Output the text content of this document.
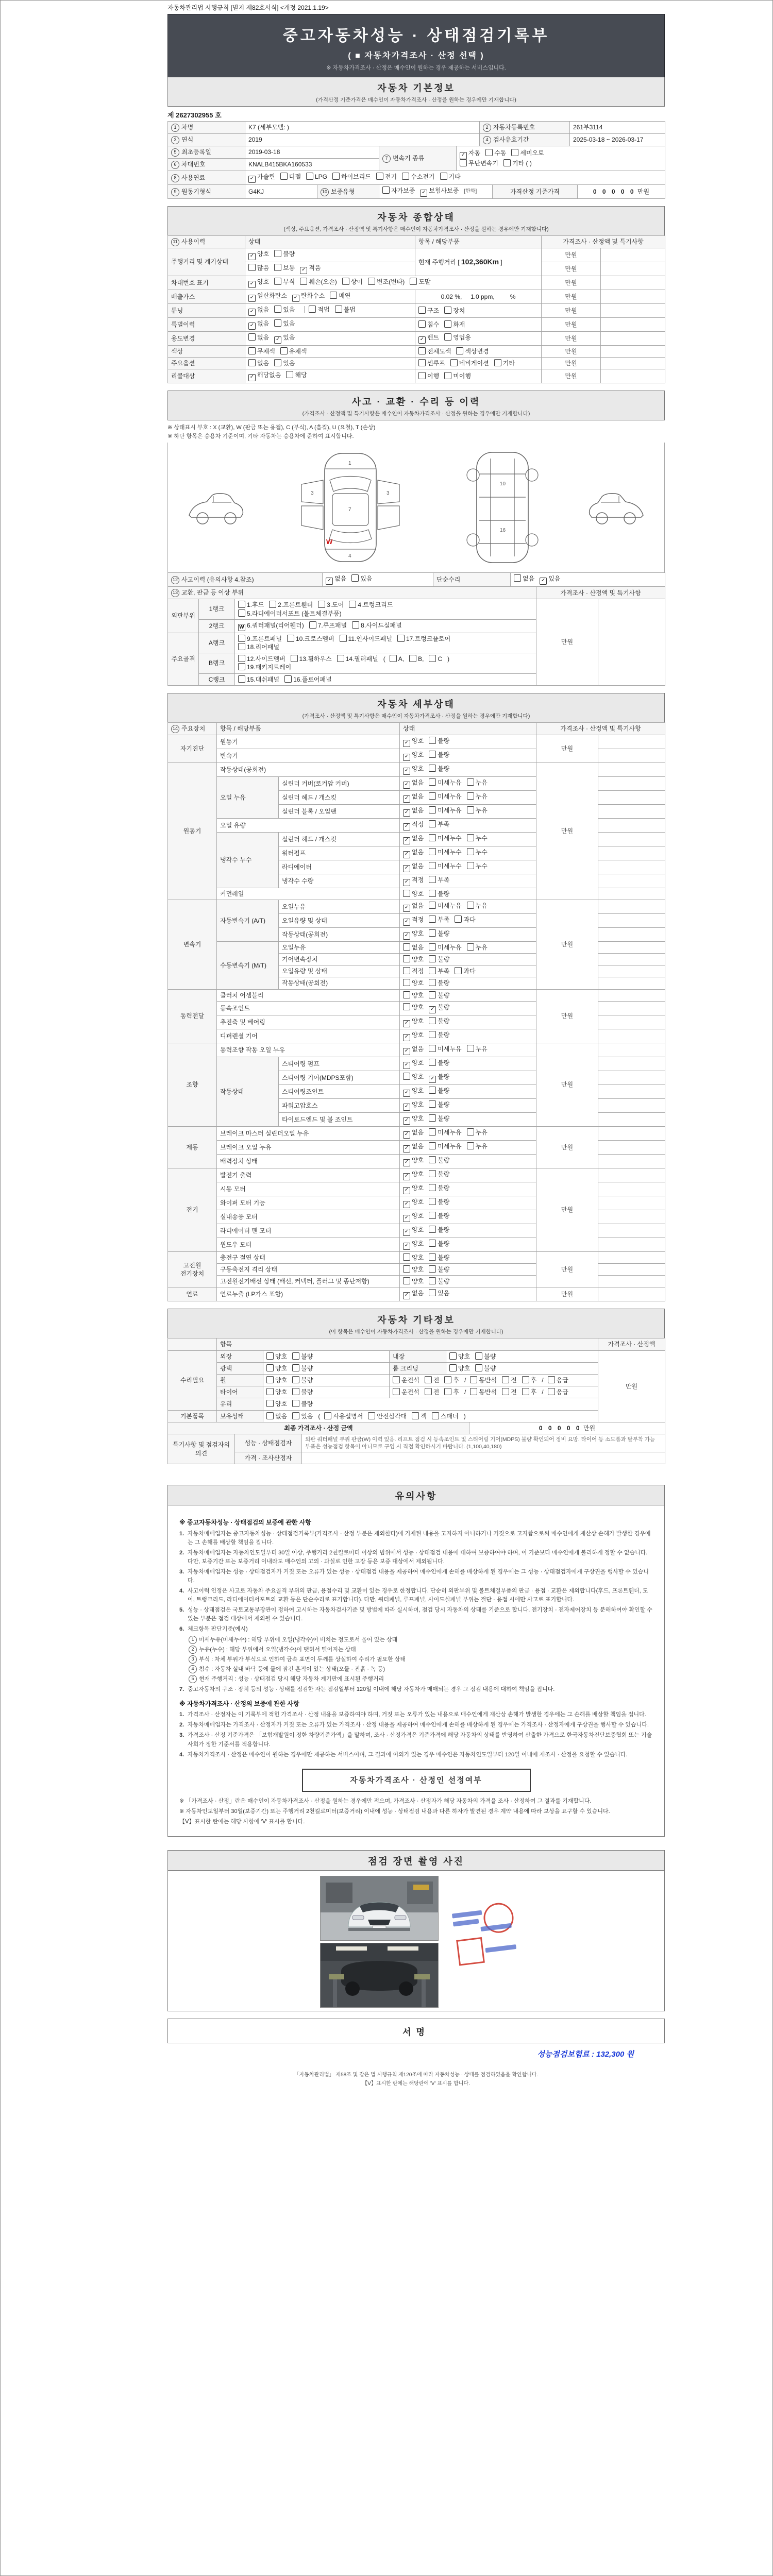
자동차관리법 시행규칙 [별지 제82호서식] <개정 2021.1.19>
중고자동차성능 · 상태점검기록부
( ■ 자동차가격조사 · 산정 선택 )
※ 자동차가격조사 · 산정은 매수인이 원하는 경우 제공하는 서비스입니다.
자동차 기본정보
(가격산정 기준가격은 매수인이 자동차가격조사 · 산정을 원하는 경우에만 기재합니다)
제 2627302955 호
1 차명	K7 (세부모델: )	2 자동차등록번호	261부3114
3 연식	2019	4 검사유효기간	2025-03-18 ~ 2026-03-17
5 최초등록일	2019-03-18	7 변속기 종류	✓자동 수동 세미오토
무단변속기 기타 ( )
6 차대번호	KNALB415BKA160533		
8 사용연료	✓가솔린 디젤 LPG 하이브리드 전기 수소전기 기타
9 원동기형식	G4KJ	10 보증유형	자가보증 ✓ 보험사보증 [한화]	가격산정 기준가격	0 0 0 0 0 만원
자동차 종합상태
(색상, 주요옵션, 가격조사 · 산정액 및 특기사항은 매수인이 자동차가격조사 · 산정을 원하는 경우에만 기재합니다)
11 사용이력	상태	항목 / 해당부품	가격조사 · 산정액 및 특기사항	
주행거리 및 계기상태	✓양호 불량	현재 주행거리 [ 102,360Km ]	만원	
	많음 보통 ✓ 적음		만원	
차대번호 표기	✓양호 부식 훼손(오손) 상이 변조(변타) 도말		만원	
배출가스	✓일산화탄소 ✓ 탄화수소 매연	0.02 %,     1.0 ppm,         %	만원	
튜닝	✓없음 있음 적법 불법	구조 장치	만원	
특별이력	✓없음 있음	침수 화재	만원	
용도변경	없음 ✓ 있음	✓렌트 영업용	만원	
색상	무채색 유채색	전체도색 색상변경	만원	
주요옵션	없음 있음	썬루프 네비게이션 기타	만원	
리콜대상	✓해당없음 해당	이행 미이행	만원	
사고 · 교환 · 수리 등 이력
(가격조사 · 산정액 및 특기사항은 매수인이 자동차가격조사 · 산정을 원하는 경우에만 기재합니다)
※ 상태표시 부호 : X (교환), W (판금 또는 용접), C (부식), A (흠집), U (요철), T (손상)
※ 하단 항목은 승용차 기준이며, 기타 자동차는 승용차에 준하여 표시합니다.
1
7
4
3	3
W
10
16
12 사고이력 (유의사항 4.참조)	✓없음 있음	단순수리	없음 ✓ 있음
13 교환, 판금 등 이상 부위	가격조사 · 산정액 및 특기사항
외판부위	1랭크	1.후드 2.프론트휀더 3.도어 4.트렁크리드
5.라디에이터서포트 (볼트체결부품)	만원	
	2랭크	W 6.쿼터패널(리어휀더) 7.루프패널 8.사이드실패널		
주요골격	A랭크	9.프론트패널 10.크로스멤버 11.인사이드패널 17.트렁크플로어
18.리어패널		
	B랭크	12.사이드멤버 13.휠하우스 14.필러패널 ( A, B, C )
19.패키지트레이		
	C랭크	15.대쉬패널 16.플로어패널		
자동차 세부상태
(가격조사 · 산정액 및 특기사항은 매수인이 자동차가격조사 · 산정을 원하는 경우에만 기재합니다)
14 주요장치	항목 / 해당부품		상태	가격조사 · 산정액 및 특기사항	
자기진단	원동기	✓양호 불량	만원	
	변속기	✓양호 불량	
원동기	작동상태(공회전)	✓양호 불량	만원	
	오일 누유	실린더 커버(로커암 커버)	✓없음 미세누유 누유	
		실린더 헤드 / 개스킷	✓없음 미세누유 누유	
		실린더 블록 / 오일팬	✓없음 미세누유 누유	
	오일 유량	✓적정 부족	
	냉각수 누수	실린더 헤드 / 개스킷	✓없음 미세누수 누수	
		워터펌프	✓없음 미세누수 누수	
		라디에이터	✓없음 미세누수 누수	
		냉각수 수량	✓적정 부족	
	커먼레일		양호 불량		
변속기	자동변속기 (A/T)	오일누유	✓없음 미세누유 누유	만원	
		오일유량 및 상태	✓적정 부족 과다	
		작동상태(공회전)	✓양호 불량	
	수동변속기 (M/T)	오일누유	없음 미세누유 누유		
		기어변속장치	양호 불량		
		오일유량 및 상태	적정 부족 과다		
		작동상태(공회전)	양호 불량		
동력전달	클러치 어셈블리		양호 불량	만원	
	등속조인트		양호 ✓ 불량	
	추진축 및 베어링	✓양호 불량	
	디퍼렌셜 기어	✓양호 불량	
조향	동력조향 작동 오일 누유	✓없음 미세누유 누유	만원	
	작동상태	스티어링 펌프	✓양호 불량	
		스티어링 기어(MDPS포함)	양호 ✓ 불량	
		스티어링조인트	✓양호 불량	
		파워고압호스	✓양호 불량	
		타이로드엔드 및 볼 조인트	✓양호 불량	
제동	브레이크 마스터 실린더오일 누유	✓없음 미세누유 누유	만원	
	브레이크 오일 누유	✓없음 미세누유 누유	
	배력장치 상태	✓양호 불량	
전기	발전기 출력	✓양호 불량	만원	
	시동 모터	✓양호 불량	
	와이퍼 모터 기능	✓양호 불량	
	실내송풍 모터	✓양호 불량	
	라디에이터 팬 모터	✓양호 불량	
	윈도우 모터	✓양호 불량	
고전원 전기장치	충전구 절연 상태		양호 불량	만원	
	구동축전지 격리 상태		양호 불량		
	고전원전기배선 상태 (배선, 커넥터, 플러그 및 종단저항)		양호 불량		
연료	연료누출 (LP가스 포함)	✓없음 있음	만원	
자동차 기타정보
(이 항목은 매수인이 자동차가격조사 · 산정을 원하는 경우에만 기재합니다)
	항목				가격조사 · 산정액
수리필요	외장	양호 불량	내장	양호 불량	만원
	광택	양호 불량	룸 크리닝	양호 불량	
	휠	양호 불량	운전석 전 후 / 동반석 전 후 / 응급		
	타이어	양호 불량	운전석 전 후 / 동반석 전 후 / 응급		
	유리	양호 불량			
기본품목	보유상태	없음 있음 ( 사용설명서 안전삼각대 잭 스패너 )			
최종 가격조사 · 산정 금액	0 0 0 0 0 만원
특기사항 및 점검자의 의견	성능 · 상태점검자	외판 쿼터패널 부위 판금(W) 이력 있음. 리프트 점검 시 등속조인트 및 스티어링 기어(MDPS) 불량 확인되어 정비 요망. 타이어 등 소모품과 탈부착 가능 부품은 성능점검 항목이 아니므로 구입 시 직접 확인하시기 바랍니다. (1,100,40,180)
	가격 · 조사산정자	
유의사항
※ 중고자동차성능 · 상태점검의 보증에 관한 사항
1. 자동차매매업자는 중고자동차성능 · 상태점검기록부(가격조사 · 산정 부분은 제외한다)에 기재된 내용을 고지하지 아니하거나 거짓으로 고지함으로써 매수인에게 재산상 손해가 발생한 경우에는 그 손해를 배상할 책임을 집니다.
2. 자동차매매업자는 자동차인도일부터 30일 이상, 주행거리 2천킬로미터 이상의 범위에서 성능 · 상태점검 내용에 대하여 보증하여야 하며, 이 기준보다 매수인에게 불리하게 정할 수 없습니다. 다만, 보증기간 또는 보증거리 이내라도 매수인의 고의 · 과실로 인한 고장 등은 보증 대상에서 제외됩니다.
3. 자동차매매업자는 성능 · 상태점검자가 거짓 또는 오류가 있는 성능 · 상태점검 내용을 제공하여 매수인에게 손해를 배상하게 된 경우에는 그 성능 · 상태점검자에게 구상권을 행사할 수 있습니다.
4. 사고이력 인정은 사고로 자동차 주요골격 부위의 판금, 용접수리 및 교환이 있는 경우로 한정합니다. 단순히 외판부위 및 볼트체결부품의 판금 · 용접 · 교환은 제외합니다(후드, 프론트휀더, 도어, 트렁크리드, 라디에이터서포트의 교환 등은 단순수리로 표기합니다). 다만, 쿼터패널, 루프패널, 사이드실패널 부위는 절단 · 용접 시에만 사고로 표기합니다.
5. 성능 · 상태점검은 국토교통부장관이 정하여 고시하는 자동차검사기준 및 방법에 따라 실시하며, 점검 당시 자동차의 상태를 기준으로 합니다. 전기장치 · 전자제어장치 등 분해하여야 확인할 수 있는 부분은 점검 대상에서 제외될 수 있습니다.
6. 체크항목 판단기준(예시)
1 미세누유(미세누수) : 해당 부위에 오일(냉각수)이 비치는 정도로서 울어 있는 상태
2 누유(누수) : 해당 부위에서 오일(냉각수)이 맺혀서 떨어지는 상태
3 부식 : 차체 부위가 부식으로 인하여 금속 표면이 두께를 상실하여 수리가 필요한 상태
4 침수 : 자동차 실내 바닥 등에 물에 잠긴 흔적이 있는 상태(오물 · 진흙 · 녹 등)
5 현재 주행거리 : 성능 · 상태점검 당시 해당 자동차 계기판에 표시된 주행거리
7. 중고자동차의 구조 · 장치 등의 성능 · 상태를 점검한 자는 점검일부터 120일 이내에 해당 자동차가 매매되는 경우 그 점검 내용에 대하여 책임을 집니다.
※ 자동차가격조사 · 산정의 보증에 관한 사항
1. 가격조사 · 산정자는 이 기록부에 적힌 가격조사 · 산정 내용을 보증하여야 하며, 거짓 또는 오류가 있는 내용으로 매수인에게 재산상 손해가 발생한 경우에는 그 손해를 배상할 책임을 집니다.
2. 자동차매매업자는 가격조사 · 산정자가 거짓 또는 오류가 있는 가격조사 · 산정 내용을 제공하여 매수인에게 손해를 배상하게 된 경우에는 가격조사 · 산정자에게 구상권을 행사할 수 있습니다.
3. 가격조사 · 산정 기준가격은 「보험개발원이 정한 차량기준가액」을 말하며, 조사 · 산정가격은 기준가격에 해당 자동차의 상태를 반영하여 산출한 가격으로 한국자동차진단보증협회 또는 기술사회가 정한 기준서를 적용합니다.
4. 자동차가격조사 · 산정은 매수인이 원하는 경우에만 제공하는 서비스이며, 그 결과에 이의가 있는 경우 매수인은 자동차인도일부터 120일 이내에 재조사 · 산정을 요청할 수 있습니다.
자동차가격조사 · 산정인 선정여부
※ 「가격조사 · 산정」란은 매수인이 자동차가격조사 · 산정을 원하는 경우에만 적으며, 가격조사 · 산정자가 해당 자동차의 가격을 조사 · 산정하여 그 결과를 기재합니다.
※ 자동차인도일부터 30일(보증기간) 또는 주행거리 2천킬로미터(보증거리) 이내에 성능 · 상태점검 내용과 다른 하자가 발견된 경우 계약 내용에 따라 보상을 요구할 수 있습니다.
【Ⅴ】표시한 란에는 해당 사항에 'Ⅴ' 표시를 합니다.
점검 장면 촬영 사진
서명
성능점검보험료 : 132,300 원
「자동차관리법」 제58조 및 같은 법 시행규칙 제120조에 따라 자동차성능 · 상태를 점검하였음을 확인합니다.
【Ⅴ】표시한 란에는 해당란에 'Ⅴ' 표시를 합니다.
